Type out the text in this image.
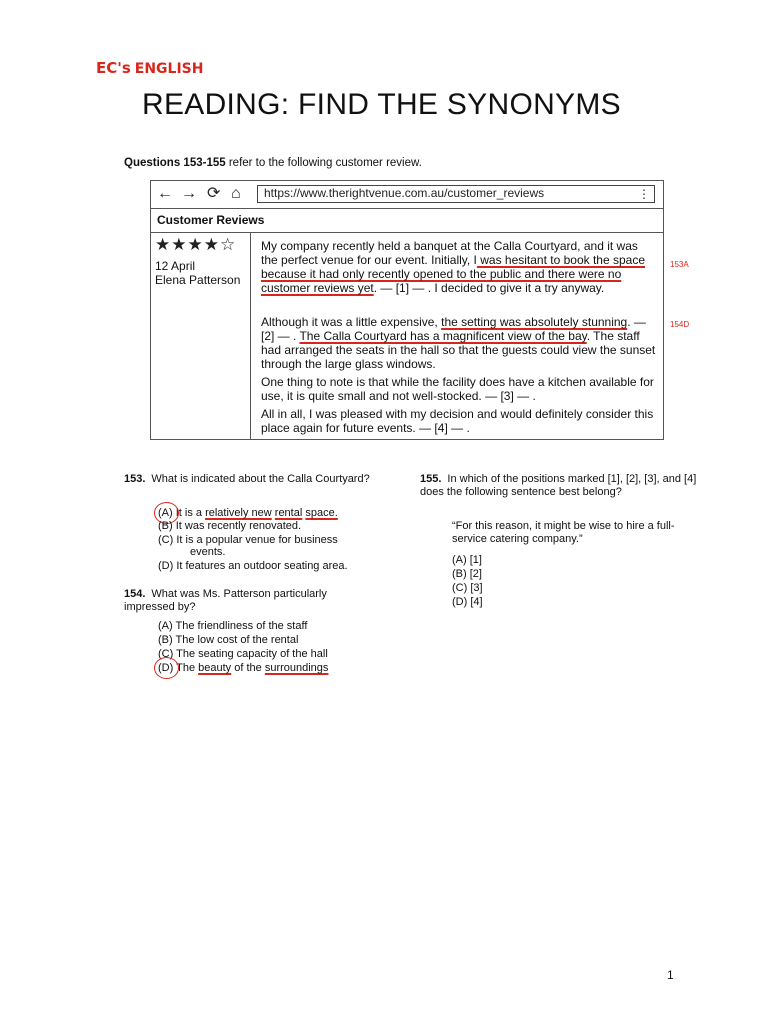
EC's ENGLISH
READING: FIND THE SYNONYMS
Questions 153-155 refer to the following customer review.
← → ⟳ ⌂	https://www.therightvenue.com.au/customer_reviews	⋮
Customer Reviews
★★★★☆
12 April
Elena Patterson
My company recently held a banquet at the Calla Courtyard, and it was the perfect venue for our event. Initially, I was hesitant to book the space because it had only recently opened to the public and there were no customer reviews yet. — [1] — . I decided to give it a try anyway.
Although it was a little expensive, the setting was absolutely stunning. — [2] — . The Calla Courtyard has a magnificent view of the bay. The staff had arranged the seats in the hall so that the guests could view the sunset through the large glass windows.
One thing to note is that while the facility does have a kitchen available for use, it is quite small and not well-stocked. — [3] — .
All in all, I was pleased with my decision and would definitely consider this place again for future events. — [4] — .
153A
154D
153. What is indicated about the Calla Courtyard?
(A) It is a relatively new rental space.
(B) It was recently renovated.
(C) It is a popular venue for business
events.
(D) It features an outdoor seating area.
154. What was Ms. Patterson particularly impressed by?
(A) The friendliness of the staff
(B) The low cost of the rental
(C) The seating capacity of the hall
(D) The beauty of the surroundings
155. In which of the positions marked [1], [2], [3], and [4] does the following sentence best belong?
“For this reason, it might be wise to hire a full-service catering company.”
(A) [1]
(B) [2]
(C) [3]
(D) [4]
1
